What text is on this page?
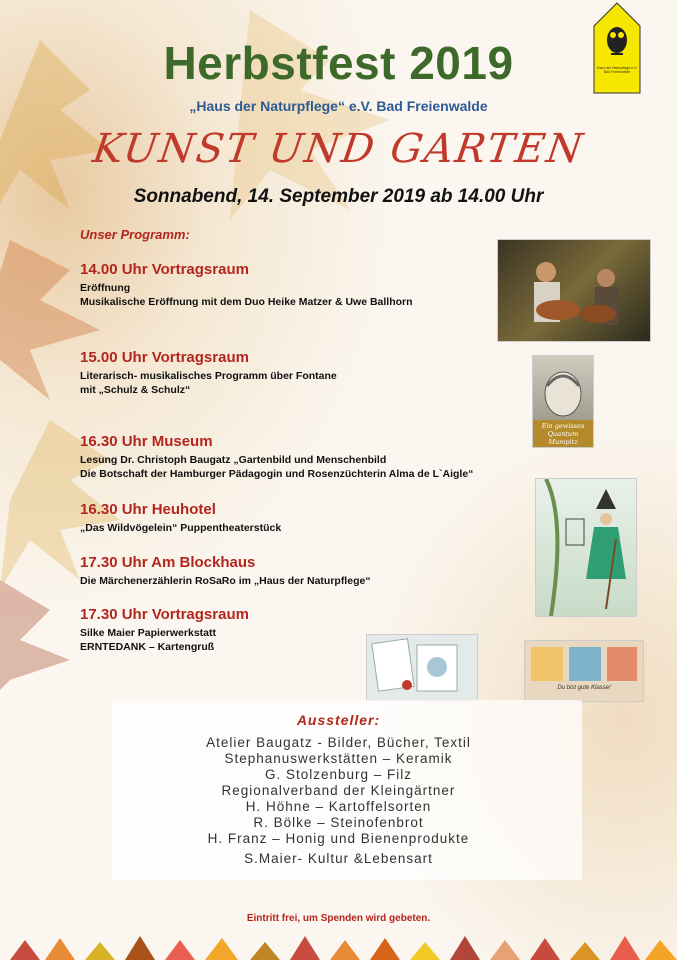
Haus der Naturpflege e.V.
Bad Freienwalde
Herbstfest 2019
„Haus der Naturpflege“ e.V. Bad Freienwalde
KUNST UND GARTEN
Sonnabend, 14. September 2019 ab 14.00 Uhr
Unser Programm:
14.00 Uhr Vortragsraum
Eröffnung
Musikalische Eröffnung mit dem Duo Heike Matzer & Uwe Ballhorn
15.00 Uhr Vortragsraum
Literarisch- musikalisches Programm über Fontane
mit „Schulz & Schulz“
16.30 Uhr Museum
Lesung Dr. Christoph Baugatz „Gartenbild und Menschenbild
Die Botschaft der Hamburger Pädagogin und Rosenzüchterin Alma de L`Aigle“
16.30 Uhr Heuhotel
„Das Wildvögelein“ Puppentheaterstück
17.30 Uhr Am Blockhaus
Die Märchenerzählerin RoSaRo im „Haus der Naturpflege“
17.30 Uhr Vortragsraum
Silke Maier Papierwerkstatt
ERNTEDANK – Kartengruß
Ein gewisses Quantum Mumpitz
Du bist gute Klasse!
Aussteller:
Atelier Baugatz - Bilder, Bücher, Textil
Stephanuswerkstätten – Keramik
G. Stolzenburg – Filz
Regionalverband der Kleingärtner
H. Höhne – Kartoffelsorten
R. Bölke – Steinofenbrot
H. Franz – Honig und Bienenprodukte
S.Maier- Kultur &Lebensart
Eintritt frei, um Spenden wird gebeten.
